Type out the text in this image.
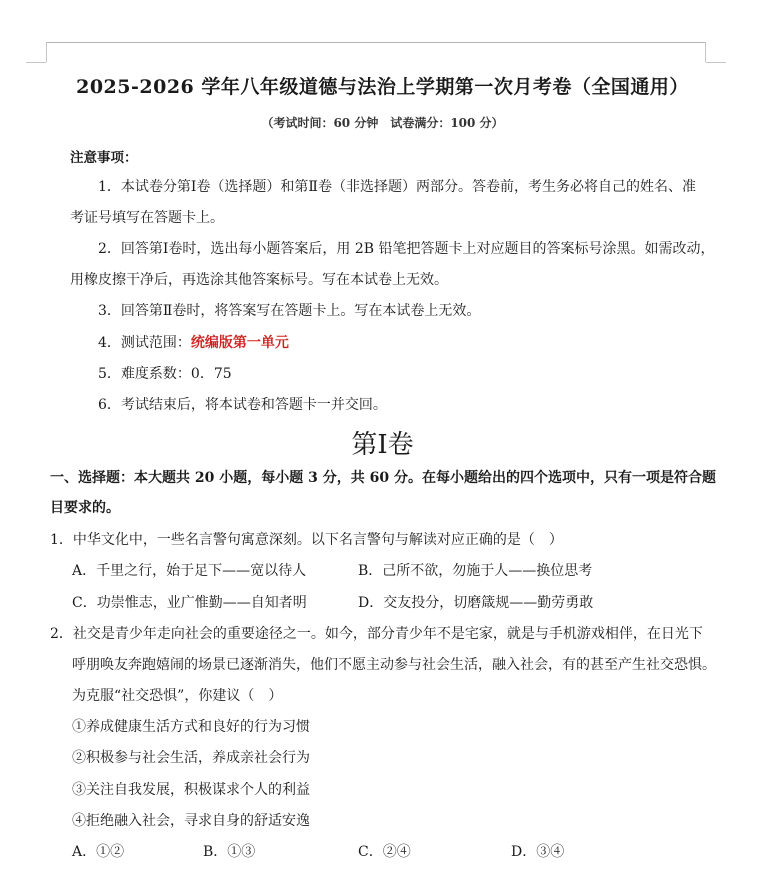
2025-2026 学年八年级道德与法治上学期第一次月考卷（全国通用）
（考试时间：60 分钟　试卷满分：100 分）
注意事项：
1．本试卷分第Ⅰ卷（选择题）和第Ⅱ卷（非选择题）两部分。答卷前，考生务必将自己的姓名、准
考证号填写在答题卡上。
2．回答第Ⅰ卷时，选出每小题答案后，用 2B 铅笔把答题卡上对应题目的答案标号涂黑。如需改动，
用橡皮擦干净后，再选涂其他答案标号。写在本试卷上无效。
3．回答第Ⅱ卷时，将答案写在答题卡上。写在本试卷上无效。
4．测试范围：统编版第一单元
5．难度系数：0．75
6．考试结束后，将本试卷和答题卡一并交回。
第Ⅰ卷
一、选择题：本大题共 20 小题，每小题 3 分，共 60 分。在每小题给出的四个选项中，只有一项是符合题
目要求的。
1．中华文化中，一些名言警句寓意深刻。以下名言警句与解读对应正确的是（　）
A．千里之行，始于足下——宽以待人	B．己所不欲，勿施于人——换位思考
C．功崇惟志，业广惟勤——自知者明	D．交友投分，切磨箴规——勤劳勇敢
2．社交是青少年走向社会的重要途径之一。如今，部分青少年不是宅家，就是与手机游戏相伴，在日光下
呼朋唤友奔跑嬉闹的场景已逐渐消失，他们不愿主动参与社会生活，融入社会，有的甚至产生社交恐惧。
为克服“社交恐惧”，你建议（　）
①养成健康生活方式和良好的行为习惯
②积极参与社会生活，养成亲社会行为
③关注自我发展，积极谋求个人的利益
④拒绝融入社会，寻求自身的舒适安逸
A．①②	B．①③	C．②④	D．③④
